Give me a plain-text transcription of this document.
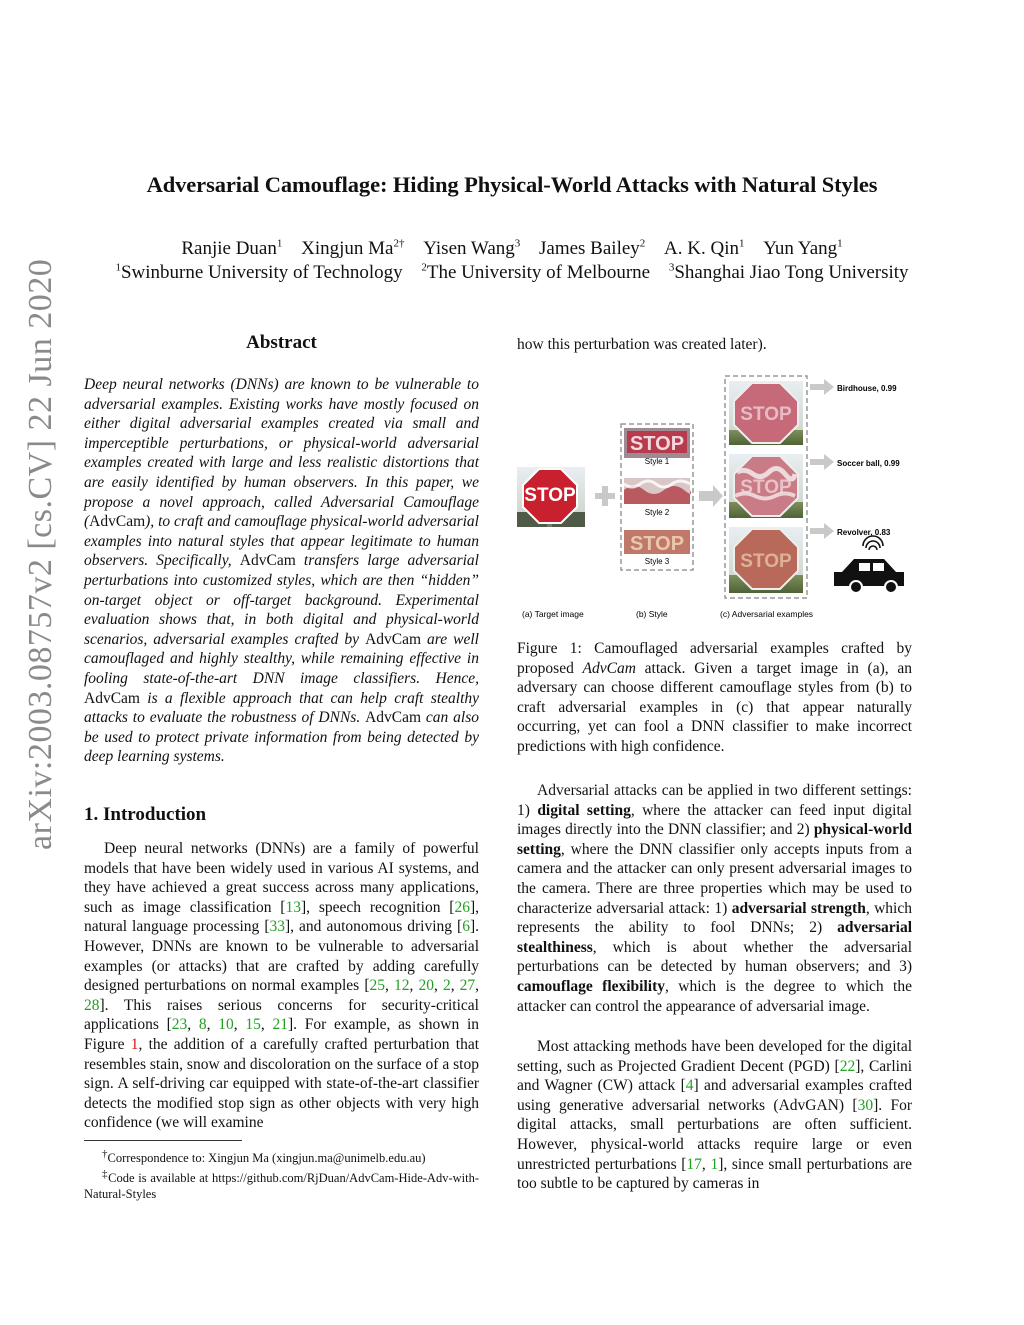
arXiv:2003.08757v2 [cs.CV] 22 Jun 2020
Adversarial Camouflage: Hiding Physical-World Attacks with Natural Styles
Ranjie Duan$^1$ Xingjun $Ma^{2\dagger}$ Yisen Wang$^3$ James Bailey$^2$ A. K. Qin$^1$ Yun Yang$^1$
$^1$Swinburne University of Technology $^2$The University of Melbourne $^3$Shanghai Jiao Tong University
Abstract
Deep neural networks (DNNs) are known to be vulnerable to adversarial examples. Existing works have mostly focused on either digital adversarial examples created via small and imperceptible perturbations, or physical-world adversarial examples created with large and less realistic distortions that are easily identified by human observers. In this paper, we propose a novel approach, called Adversarial Camouflage (AdvCam), to craft and camouflage physical-world adversarial examples into natural styles that appear legitimate to human observers. Specifically, AdvCam transfers large adversarial perturbations into customized styles, which are then “hidden” on-target object or off-target background. Experimental evaluation shows that, in both digital and physical-world scenarios, adversarial examples crafted by AdvCam are well camouflaged and highly stealthy, while remaining effective in fooling state-of-the-art DNN image classifiers. Hence, AdvCam is a flexible approach that can help craft stealthy attacks to evaluate the robustness of DNNs. AdvCam can also be used to protect private information from being detected by deep learning systems.
1. Introduction
Deep neural networks (DNNs) are a family of powerful models that have been widely used in various AI systems, and they have achieved a great success across many applications, such as image classification [13], speech recognition [26], natural language processing [33], and autonomous driving [6]. However, DNNs are known to be vulnerable to adversarial examples (or attacks) that are crafted by adding carefully designed perturbations on normal examples [25, 12, 20, 2, 27, 28]. This raises serious concerns for security-critical applications [23, 8, 10, 15, 21]. For example, as shown in Figure 1, the addition of a carefully crafted perturbation that resembles stain, snow and discoloration on the surface of a stop sign. A self-driving car equipped with state-of-the-art classifier detects the modified stop sign as other objects with very high confidence (we will examine

†Correspondence to: Xingjun Ma (xingjun.ma@unimelb.edu.au)

‡Code is available at https://github.com/RjDuan/AdvCam-Hide-Adv-with-Natural-Styles

how this perturbation was created later).
STOP
STOP
Style 1
Style 2
STOP
Style 3
STOP
STOP
STOP
Birdhouse, 0.99
Soccer ball, 0.99
Revolver, 0.83
(a) Target image	(b) Style	(c) Adversarial examples
Figure 1: Camouflaged adversarial examples crafted by proposed AdvCam attack. Given a target image in (a), an adversary can choose different camouflage styles from (b) to craft adversarial examples in (c) that appear naturally occurring, yet can fool a DNN classifier to make incorrect predictions with high confidence.
Adversarial attacks can be applied in two different settings: 1) digital setting, where the attacker can feed input digital images directly into the DNN classifier; and 2) physical-world setting, where the DNN classifier only accepts inputs from a camera and the attacker can only present adversarial images to the camera. There are three properties which may be used to characterize adversarial attack: 1) adversarial strength, which represents the ability to fool DNNs; 2) adversarial stealthiness, which is about whether the adversarial perturbations can be detected by human observers; and 3) camouflage flexibility, which is the degree to which the attacker can control the appearance of adversarial image.
Most attacking methods have been developed for the digital setting, such as Projected Gradient Decent (PGD) [22], Carlini and Wagner (CW) attack [4] and adversarial examples crafted using generative adversarial networks (AdvGAN) [30]. For digital attacks, small perturbations are often sufficient. However, physical-world attacks require large or even unrestricted perturbations [17, 1], since small perturbations are too subtle to be captured by cameras in
